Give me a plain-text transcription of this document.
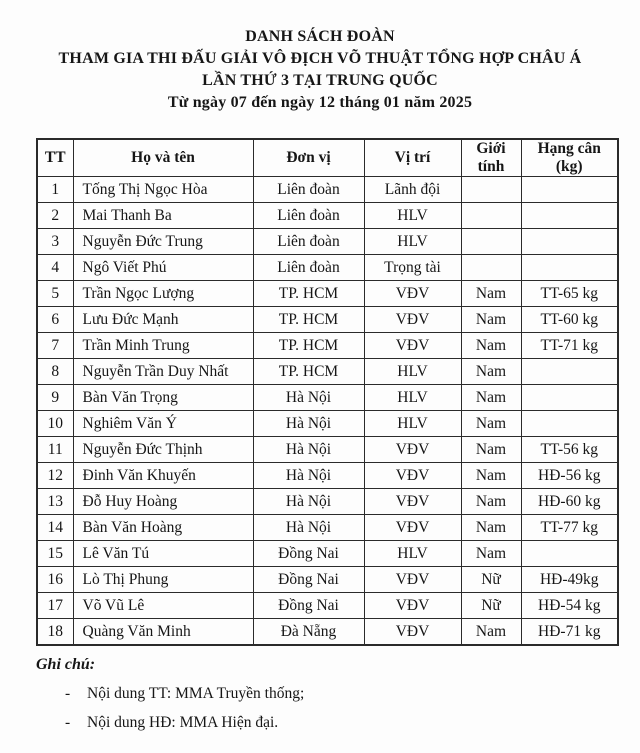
DANH SÁCH ĐOÀN
THAM GIA THI ĐẤU GIẢI VÔ ĐỊCH VÕ THUẬT TỔNG HỢP CHÂU Á
LẦN THỨ 3 TẠI TRUNG QUỐC
Từ ngày 07 đến ngày 12 tháng 01 năm 2025
TT	Họ và tên	Đơn vị	Vị trí	Giới tính	Hạng cân (kg)
1	Tống Thị Ngọc Hòa	Liên đoàn	Lãnh đội		
2	Mai Thanh Ba	Liên đoàn	HLV		
3	Nguyễn Đức Trung	Liên đoàn	HLV		
4	Ngô Viết Phú	Liên đoàn	Trọng tài		
5	Trần Ngọc Lượng	TP. HCM	VĐV	Nam	TT-65 kg
6	Lưu Đức Mạnh	TP. HCM	VĐV	Nam	TT-60 kg
7	Trần Minh Trung	TP. HCM	VĐV	Nam	TT-71 kg
8	Nguyễn Trần Duy Nhất	TP. HCM	HLV	Nam	
9	Bàn Văn Trọng	Hà Nội	HLV	Nam	
10	Nghiêm Văn Ý	Hà Nội	HLV	Nam	
11	Nguyễn Đức Thịnh	Hà Nội	VĐV	Nam	TT-56 kg
12	Đinh Văn Khuyến	Hà Nội	VĐV	Nam	HĐ-56 kg
13	Đỗ Huy Hoàng	Hà Nội	VĐV	Nam	HĐ-60 kg
14	Bàn Văn Hoàng	Hà Nội	VĐV	Nam	TT-77 kg
15	Lê Văn Tú	Đồng Nai	HLV	Nam	
16	Lò Thị Phung	Đồng Nai	VĐV	Nữ	HĐ-49kg
17	Võ Vũ Lê	Đồng Nai	VĐV	Nữ	HĐ-54 kg
18	Quàng Văn Minh	Đà Nẵng	VĐV	Nam	HĐ-71 kg
Ghi chú:
-	Nội dung TT: MMA Truyền thống;
-	Nội dung HĐ: MMA Hiện đại.
